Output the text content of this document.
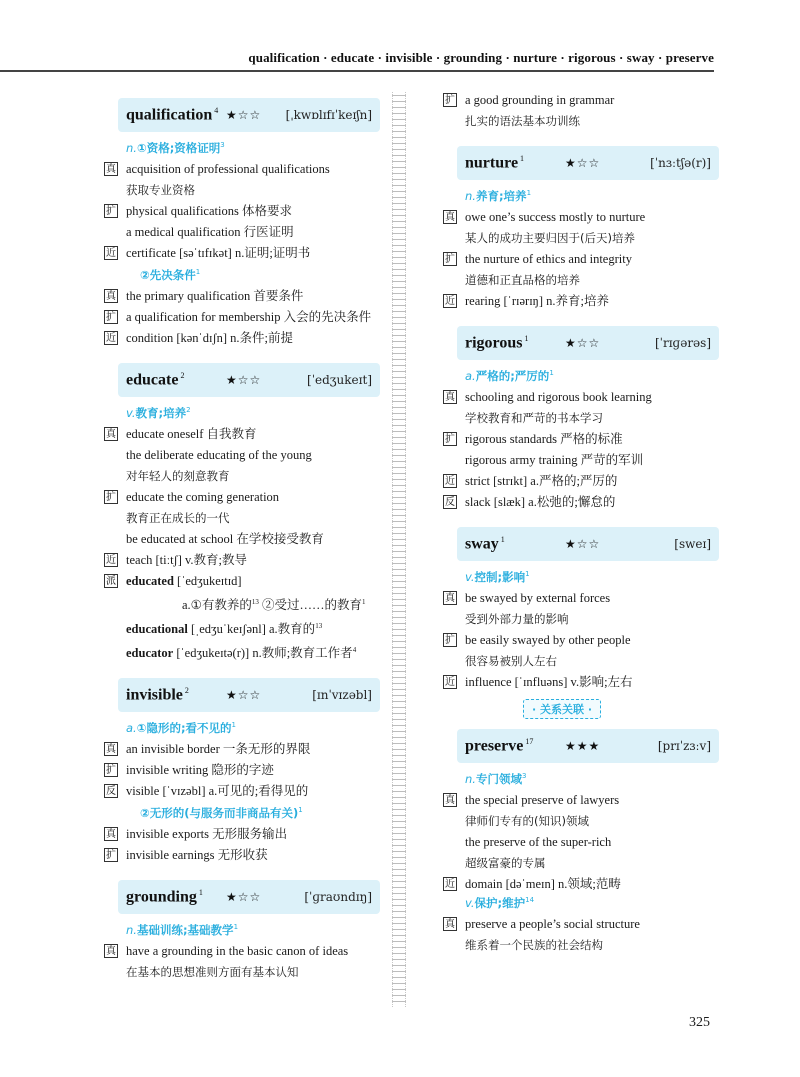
qualification · educate · invisible · grounding · nurture · rigorous · sway · preserve
qualification $^4$ ★☆☆	[ˌkwɒlɪfɪˈkeɪʃn]
n.①资格;资格证明$^3$
真 acquisition of professional qualifications
获取专业资格
扩 physical qualifications 体格要求
a medical qualification 行医证明
近 certificate [səˈtɪfɪkət] n.证明;证明书
②先决条件$^1$
真 the primary qualification 首要条件
扩 a qualification for membership 入会的先决条件
近 condition [kənˈdɪʃn] n.条件;前提
educate $^2$	★☆☆	[ˈedʒukeɪt]
v.教育;培养$^2$
真 educate oneself 自我教育
the deliberate educating of the young
对年轻人的刻意教育
扩 educate the coming generation
教育正在成长的一代
be educated at school 在学校接受教育
近 teach [tiːtʃ] v.教育;教导
派 educated [ˈedʒukeɪtɪd]
a.①有教养的$^{13}$ ②受过……的教育$^1$
educational [ˌedʒuˈkeɪʃənl] a.教育的$^{13}$
educator [ˈedʒukeɪtə(r)] n.教师;教育工作者$^4$
invisible $^2$	★☆☆	[ɪnˈvɪzəbl]
a.①隐形的;看不见的$^1$
真 an invisible border 一条无形的界限
扩 invisible writing 隐形的字迹
反 visible [ˈvɪzəbl] a.可见的;看得见的
②无形的(与服务而非商品有关)$^1$
真 invisible exports 无形服务输出
扩 invisible earnings 无形收获
grounding $^1$	★☆☆	[ˈɡraʊndɪŋ]
n.基础训练;基础教学$^1$
真 have a grounding in the basic canon of ideas
在基本的思想准则方面有基本认知
扩 a good grounding in grammar
扎实的语法基本功训练
nurture $^1$	★☆☆	[ˈnɜːtʃə(r)]
n.养育;培养$^1$
真 owe one’s success mostly to nurture
某人的成功主要归因于(后天)培养
扩 the nurture of ethics and integrity
道德和正直品格的培养
近 rearing [ˈrɪərɪŋ] n.养育;培养
rigorous $^1$	★☆☆	[ˈrɪɡərəs]
a.严格的;严厉的$^1$
真 schooling and rigorous book learning
学校教育和严苛的书本学习
扩 rigorous standards 严格的标准
rigorous army training 严苛的军训
近 strict [strɪkt] a.严格的;严厉的
反 slack [slæk] a.松弛的;懈怠的
sway $^1$	★☆☆	[sweɪ]
v.控制;影响$^1$
真 be swayed by external forces
受到外部力量的影响
扩 be easily swayed by other people
很容易被别人左右
近 influence [ˈɪnfluəns] v.影响;左右
· 关系关联 ·
preserve $^{17}$	★★★	[prɪˈzɜːv]
n.专门领域$^3$
真 the special preserve of lawyers
律师们专有的(知识)领域
the preserve of the super-rich
超级富豪的专属
近 domain [dəˈmeɪn] n.领域;范畴
v.保护;维护$^{14}$
真 preserve a people’s social structure
维系着一个民族的社会结构
325
